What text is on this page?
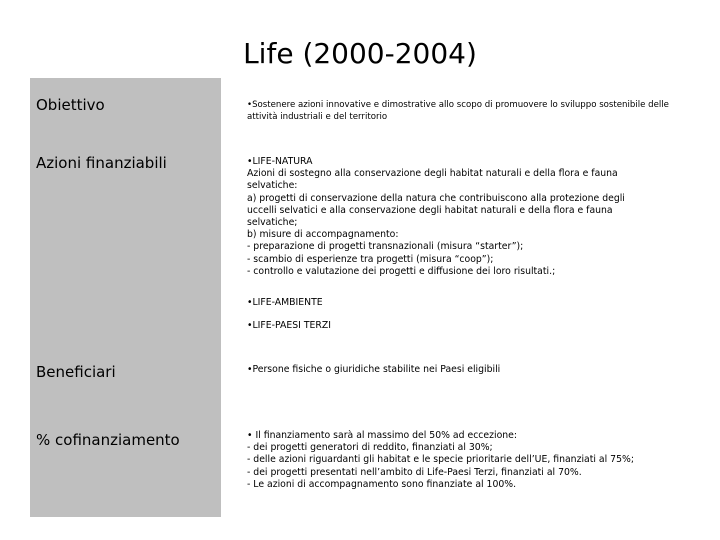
Life (2000-2004)
Obiettivo	•Sostenere azioni innovative e dimostrative allo scopo di promuovere lo sviluppo sostenibile delle
attività industriali e del territorio
Azioni finanziabili	•LIFE-NATURA
Azioni di sostegno alla conservazione degli habitat naturali e della flora e fauna
selvatiche:
a) progetti di conservazione della natura che contribuiscono alla protezione degli
uccelli selvatici e alla conservazione degli habitat naturali e della flora e fauna
selvatiche;
b) misure di accompagnamento:
- preparazione di progetti transnazionali (misura “starter”);
- scambio di esperienze tra progetti (misura “coop”);
- controllo e valutazione dei progetti e diffusione dei loro risultati.;
•LIFE-AMBIENTE
•LIFE-PAESI TERZI
Beneficiari	•Persone fisiche o giuridiche stabilite nei Paesi eligibili
% cofinanziamento	• Il finanziamento sarà al massimo del 50% ad eccezione:
- dei progetti generatori di reddito, finanziati al 30%;
- delle azioni riguardanti gli habitat e le specie prioritarie dell’UE, finanziati al 75%;
- dei progetti presentati nell’ambito di Life-Paesi Terzi, finanziati al 70%.
- Le azioni di accompagnamento sono finanziate al 100%.
